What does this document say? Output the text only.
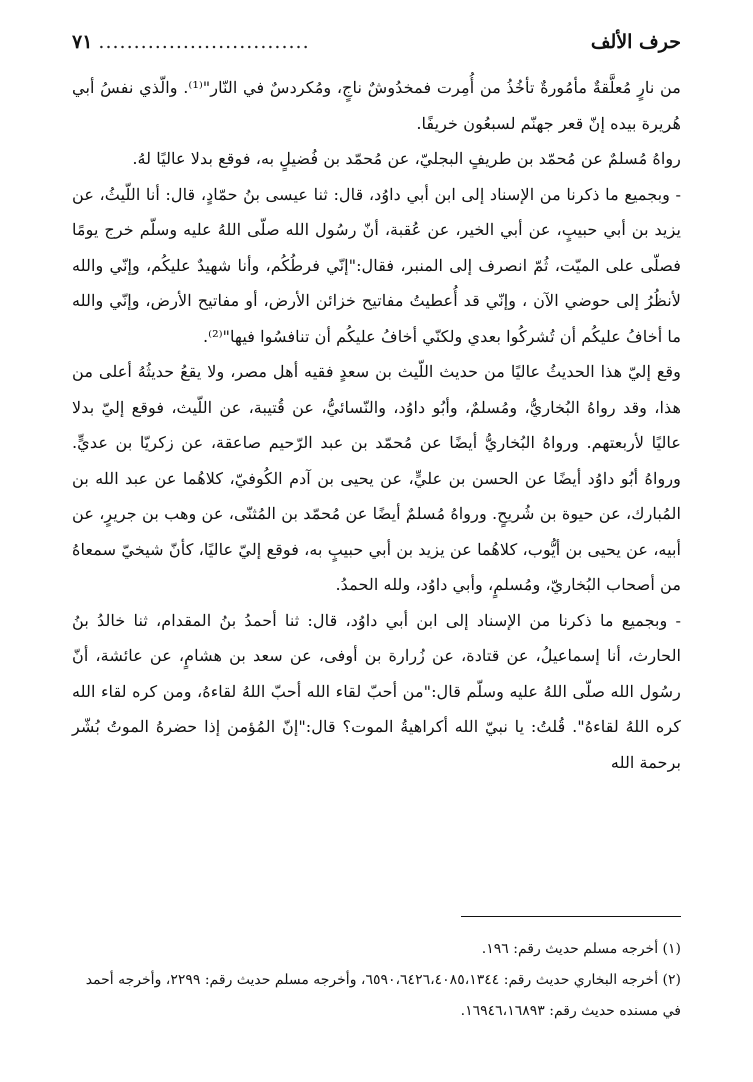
حرف الألف
..............................
٧١

من نارٍ مُعلَّقةٌ مأمُورةٌ تأخُذُ من أُمِرت فمخدُوشٌ ناجٍ، ومُكردسٌ في النّار"⁽¹⁾. والّذي نفسُ أبي هُريرة بيده إنّ قعر جهنّم لسبعُون خريفًا.

رواهُ مُسلمٌ عن مُحمّد بن طريفٍ البجليّ، عن مُحمّد بن فُضيلٍ به، فوقع بدلا عاليًا لهُ.

- وبجميع ما ذكرنا من الإسناد إلى ابن أبي داوُد، قال: ثنا عيسى بنُ حمّادٍ، قال: أنا اللّيثُ، عن يزيد بن أبي حبيبٍ، عن أبي الخير، عن عُقبة، أنّ رسُول الله صلّى اللهُ عليه وسلّم خرج يومًا فصلّى على الميّت، ثُمّ انصرف إلى المنبر، فقال:"إنّي فرطُكُم، وأنا شهيدٌ عليكُم، وإنّي والله لأنظُرُ إلى حوضي الآن ، وإنّي قد أُعطيتُ مفاتيح خزائن الأرض، أو مفاتيح الأرض، وإنّي والله ما أخافُ عليكُم أن تُشركُوا بعدي ولكنّي أخافُ عليكُم أن تنافسُوا فيها"⁽²⁾.

وقع إليّ هذا الحديثُ عاليًا من حديث اللّيث بن سعدٍ فقيه أهل مصر، ولا يقعُ حديثُهُ أعلى من هذا، وقد رواهُ البُخاريُّ، ومُسلمٌ، وأبُو داوُد، والنّسائيُّ، عن قُتيبة، عن اللّيث، فوقع إليّ بدلا عاليًا لأربعتهم. ورواهُ البُخاريُّ أيضًا عن مُحمّد بن عبد الرّحيم صاعقة، عن زكريّا بن عديٍّ. ورواهُ أبُو داوُد أيضًا عن الحسن بن عليٍّ، عن يحيى بن آدم الكُوفيّ، كلاهُما عن عبد الله بن المُبارك، عن حيوة بن شُريحٍ. ورواهُ مُسلمٌ أيضًا عن مُحمّد بن المُثنّى، عن وهب بن جريرٍ، عن أبيه، عن يحيى بن أيُّوب، كلاهُما عن يزيد بن أبي حبيبٍ به، فوقع إليّ عاليًا، كأنّ شيخيّ سمعاهُ من أصحاب البُخاريّ، ومُسلمٍ، وأبي داوُد، ولله الحمدُ.

- وبجميع ما ذكرنا من الإسناد إلى ابن أبي داوُد، قال: ثنا أحمدُ بنُ المقدام، ثنا خالدُ بنُ الحارث، أنا إسماعيلُ، عن قتادة، عن زُرارة بن أوفى، عن سعد بن هشامٍ، عن عائشة، أنّ رسُول الله صلّى اللهُ عليه وسلّم قال:"من أحبّ لقاء الله أحبّ اللهُ لقاءهُ، ومن كره لقاء الله كره اللهُ لقاءهُ". قُلتُ: يا نبيّ الله أكراهيةُ الموت؟ قال:"إنّ المُؤمن إذا حضرهُ الموتُ بُشّر برحمة الله

(١) أخرجه مسلم حديث رقم: ١٩٦.

(٢) أخرجه البخاري حديث رقم: ٦٥٩٠،٦٤٢٦،٤٠٨٥،١٣٤٤، وأخرجه مسلم حديث رقم: ٢٢٩٩، وأخرجه أحمد في مسنده حديث رقم: ١٦٩٤٦،١٦٨٩٣.
